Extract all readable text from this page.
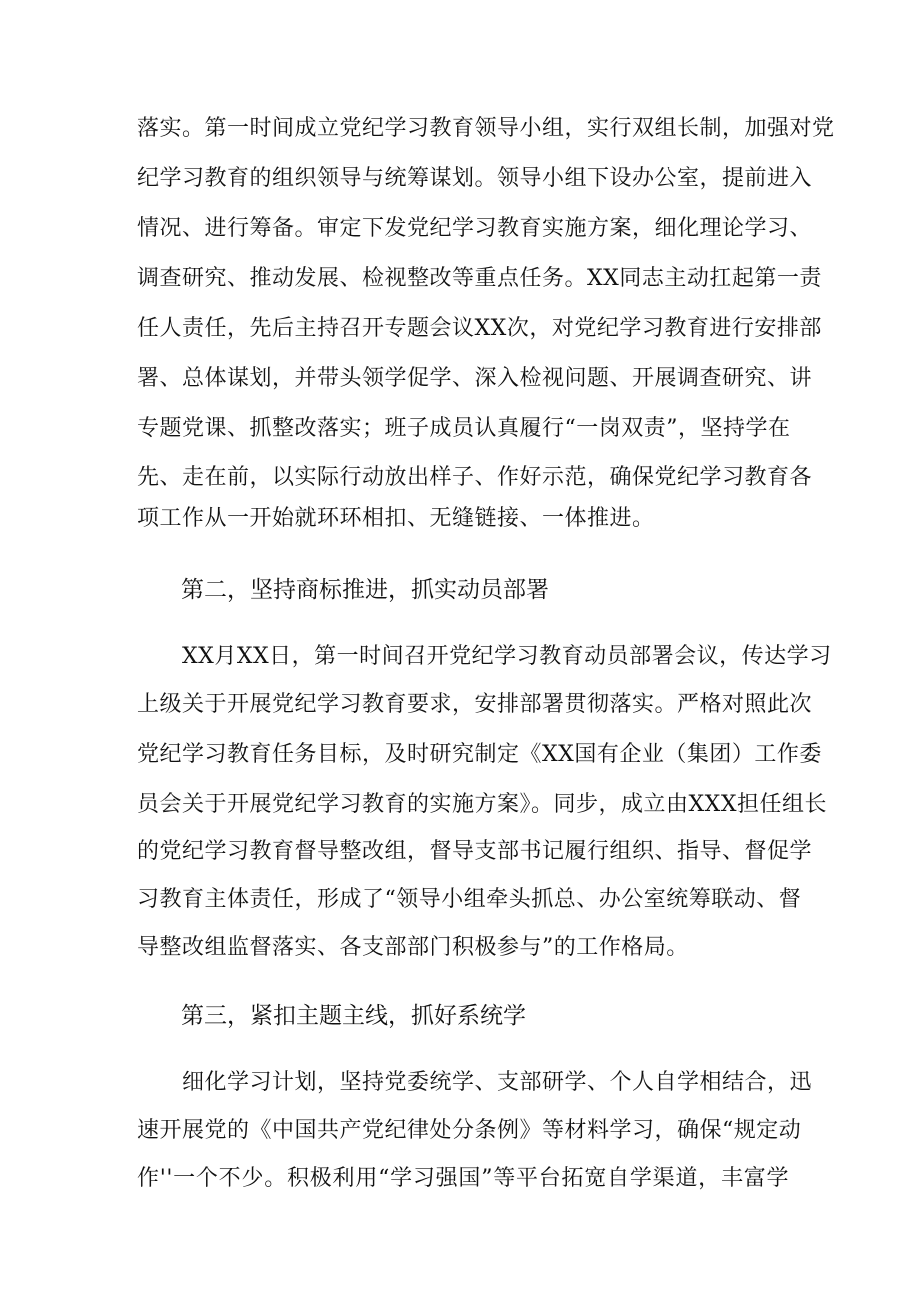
落实。第一时间成立党纪学习教育领导小组，实行双组长制，加强对党
纪学习教育的组织领导与统筹谋划。领导小组下设办公室，提前进入
情况、进行筹备。审定下发党纪学习教育实施方案，细化理论学习、
调查研究、推动发展、检视整改等重点任务。XX同志主动扛起第一责
任人责任，先后主持召开专题会议XX次，对党纪学习教育进行安排部
署、总体谋划，并带头领学促学、深入检视问题、开展调查研究、讲
专题党课、抓整改落实；班子成员认真履行“一岗双责”，坚持学在
先、走在前，以实际行动放出样子、作好示范，确保党纪学习教育各
项工作从一开始就环环相扣、无缝链接、一体推进。
第二，坚持商标推进，抓实动员部署
XX月XX日，第一时间召开党纪学习教育动员部署会议，传达学习
上级关于开展党纪学习教育要求，安排部署贯彻落实。严格对照此次
党纪学习教育任务目标，及时研究制定《XX国有企业（集团）工作委
员会关于开展党纪学习教育的实施方案》。同步，成立由XXX担任组长
的党纪学习教育督导整改组，督导支部书记履行组织、指导、督促学
习教育主体责任，形成了“领导小组牵头抓总、办公室统筹联动、督
导整改组监督落实、各支部部门积极参与”的工作格局。
第三，紧扣主题主线，抓好系统学
细化学习计划，坚持党委统学、支部研学、个人自学相结合，迅
速开展党的《中国共产党纪律处分条例》等材料学习，确保“规定动
作''一个不少。积极利用“学习强国”等平台拓宽自学渠道，丰富学
